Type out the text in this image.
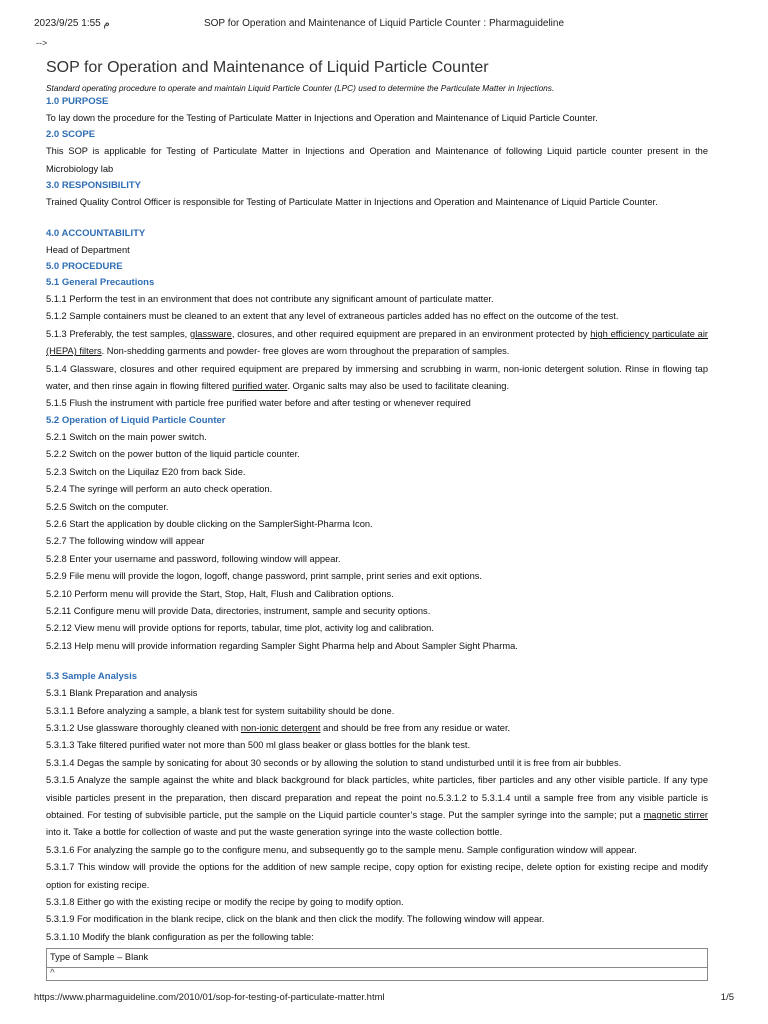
2023/9/25 1:55 م	SOP for Operation and Maintenance of Liquid Particle Counter : Pharmaguideline
-->
SOP for Operation and Maintenance of Liquid Particle Counter

Standard operating procedure to operate and maintain Liquid Particle Counter (LPC) used to determine the Particulate Matter in Injections.

1.0 PURPOSE

To lay down the procedure for the Testing of Particulate Matter in Injections and Operation and Maintenance of Liquid Particle Counter.

2.0 SCOPE

This SOP is applicable for Testing of Particulate Matter in Injections and Operation and Maintenance of following Liquid particle counter present in the Microbiology lab

3.0 RESPONSIBILITY

Trained Quality Control Officer is responsible for Testing of Particulate Matter in Injections and Operation and Maintenance of Liquid Particle Counter.

4.0 ACCOUNTABILITY

Head of Department

5.0 PROCEDURE

5.1 General Precautions

5.1.1 Perform the test in an environment that does not contribute any significant amount of particulate matter.

5.1.2 Sample containers must be cleaned to an extent that any level of extraneous particles added has no effect on the outcome of the test.

5.1.3 Preferably, the test samples, glassware, closures, and other required equipment are prepared in an environment protected by high efficiency particulate air (HEPA) filters. Non-shedding garments and powder- free gloves are worn throughout the preparation of samples.

5.1.4 Glassware, closures and other required equipment are prepared by immersing and scrubbing in warm, non-ionic detergent solution. Rinse in flowing tap water, and then rinse again in flowing filtered purified water. Organic salts may also be used to facilitate cleaning.

5.1.5 Flush the instrument with particle free purified water before and after testing or whenever required

5.2 Operation of Liquid Particle Counter

5.2.1 Switch on the main power switch.

5.2.2 Switch on the power button of the liquid particle counter.

5.2.3 Switch on the Liquilaz E20 from back Side.

5.2.4 The syringe will perform an auto check operation.

5.2.5 Switch on the computer.

5.2.6 Start the application by double clicking on the SamplerSight-Pharma Icon.

5.2.7 The following window will appear

5.2.8 Enter your username and password, following window will appear.

5.2.9 File menu will provide the logon, logoff, change password, print sample, print series and exit options.

5.2.10 Perform menu will provide the Start, Stop, Halt, Flush and Calibration options.

5.2.11 Configure menu will provide Data, directories, instrument, sample and security options.

5.2.12 View menu will provide options for reports, tabular, time plot, activity log and calibration.

5.2.13 Help menu will provide information regarding Sampler Sight Pharma help and About Sampler Sight Pharma.

5.3 Sample Analysis

5.3.1 Blank Preparation and analysis

5.3.1.1 Before analyzing a sample, a blank test for system suitability should be done.

5.3.1.2 Use glassware thoroughly cleaned with non-ionic detergent and should be free from any residue or water.

5.3.1.3 Take filtered purified water not more than 500 ml glass beaker or glass bottles for the blank test.

5.3.1.4 Degas the sample by sonicating for about 30 seconds or by allowing the solution to stand undisturbed until it is free from air bubbles.

5.3.1.5 Analyze the sample against the white and black background for black particles, white particles, fiber particles and any other visible particle. If any type visible particles present in the preparation, then discard preparation and repeat the point no.5.3.1.2 to 5.3.1.4 until a sample free from any visible particle is obtained. For testing of subvisible particle, put the sample on the Liquid particle counter’s stage. Put the sampler syringe into the sample; put a magnetic stirrer into it. Take a bottle for collection of waste and put the waste generation syringe into the waste collection bottle.

5.3.1.6 For analyzing the sample go to the configure menu, and subsequently go to the sample menu. Sample configuration window will appear.

5.3.1.7 This window will provide the options for the addition of new sample recipe, copy option for existing recipe, delete option for existing recipe and modify option for existing recipe.

5.3.1.8 Either go with the existing recipe or modify the recipe by going to modify option.

5.3.1.9 For modification in the blank recipe, click on the blank and then click the modify. The following window will appear.

5.3.1.10 Modify the blank configuration as per the following table:

Type of Sample – Blank
^
https://www.pharmaguideline.com/2010/01/sop-for-testing-of-particulate-matter.html	1/5
